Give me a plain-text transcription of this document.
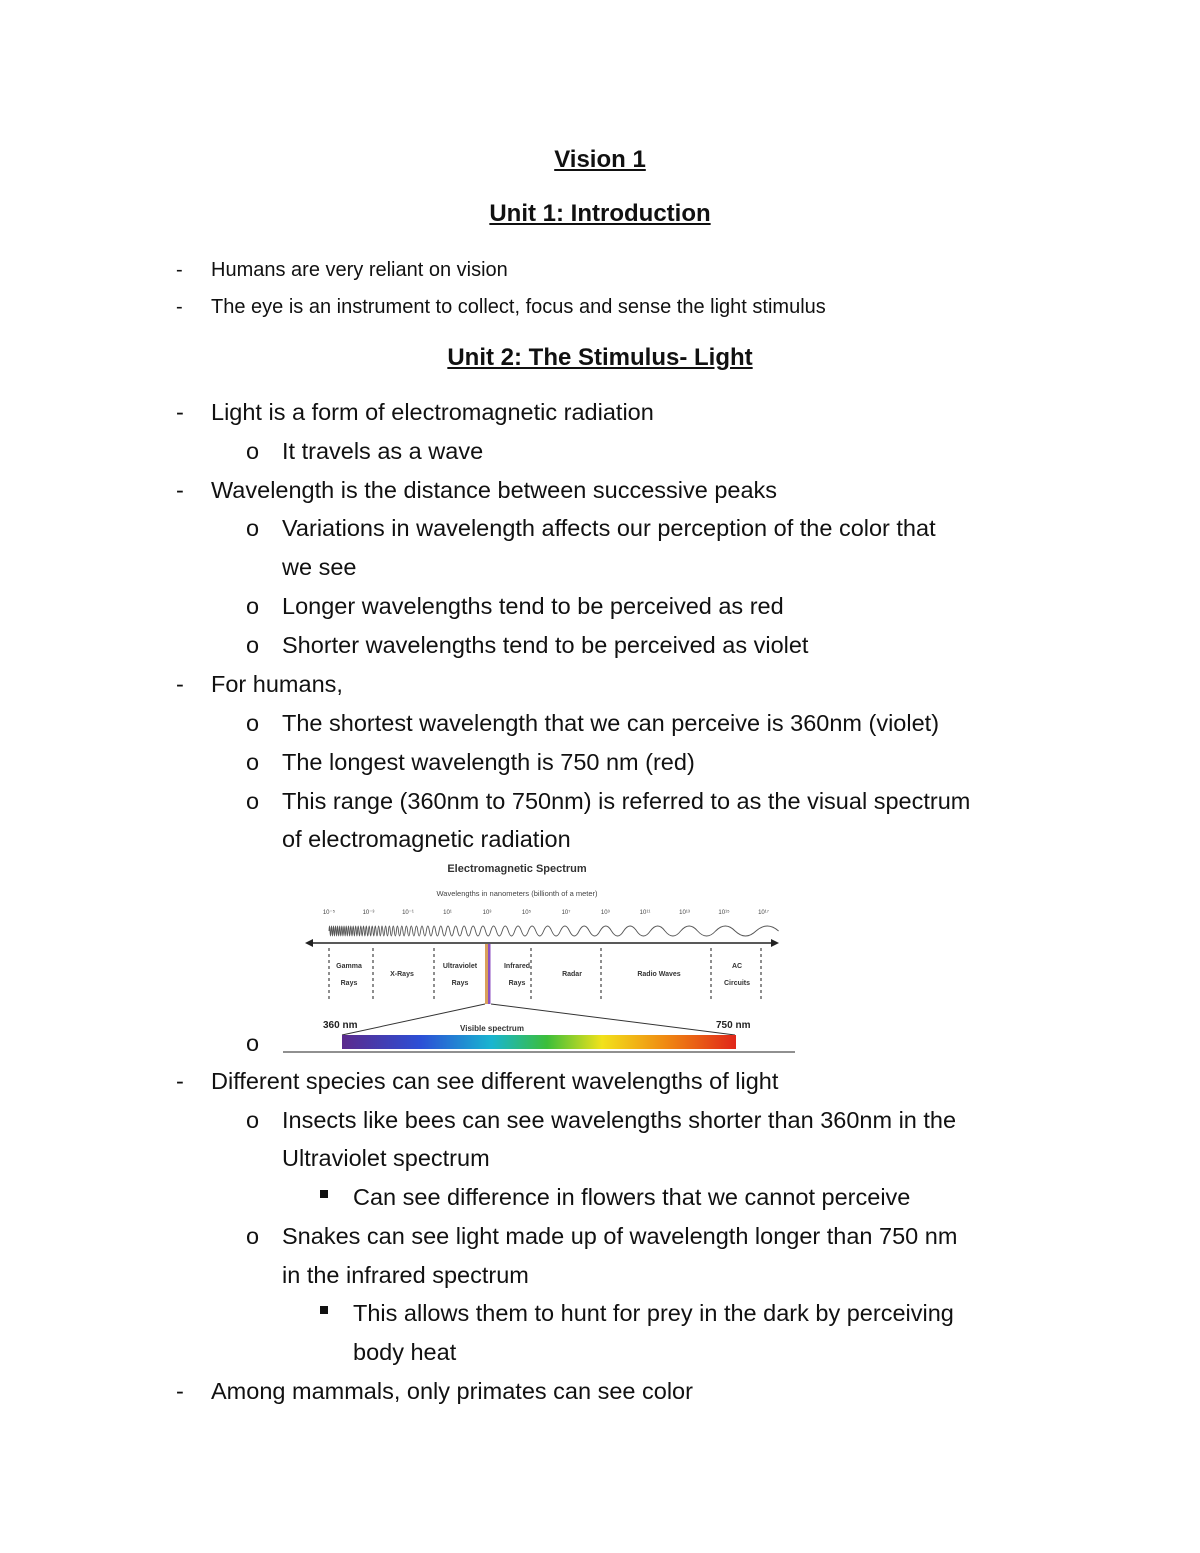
Vision 1
Unit 1: Introduction
- Humans are very reliant on vision
- The eye is an instrument to collect, focus and sense the light stimulus
Unit 2: The Stimulus- Light
- Light is a form of electromagnetic radiation
o It travels as a wave
- Wavelength is the distance between successive peaks
o Variations in wavelength affects our perception of the color that
we see
o Longer wavelengths tend to be perceived as red
o Shorter wavelengths tend to be perceived as violet
- For humans,
o The shortest wavelength that we can perceive is 360nm (violet)
o The longest wavelength is 750 nm (red)
o This range (360nm to 750nm) is referred to as the visual spectrum
of electromagnetic radiation
o
Electromagnetic Spectrum
Wavelengths in nanometers (billionth of a meter)
10⁻⁵	10⁻³	10⁻¹	10¹	10³	10⁵	10⁷	10⁹	10¹¹	10¹³	10¹⁵	10¹⁷
Gamma
Rays
X-Rays
Ultraviolet
Rays
Infrared
Rays
Radar	Radio Waves
AC
Circuits
360 nm	750 nm
Visible spectrum
- Different species can see different wavelengths of light
o Insects like bees can see wavelengths shorter than 360nm in the
Ultraviolet spectrum
Can see difference in flowers that we cannot perceive
o Snakes can see light made up of wavelength longer than 750 nm
in the infrared spectrum
This allows them to hunt for prey in the dark by perceiving
body heat
- Among mammals, only primates can see color
